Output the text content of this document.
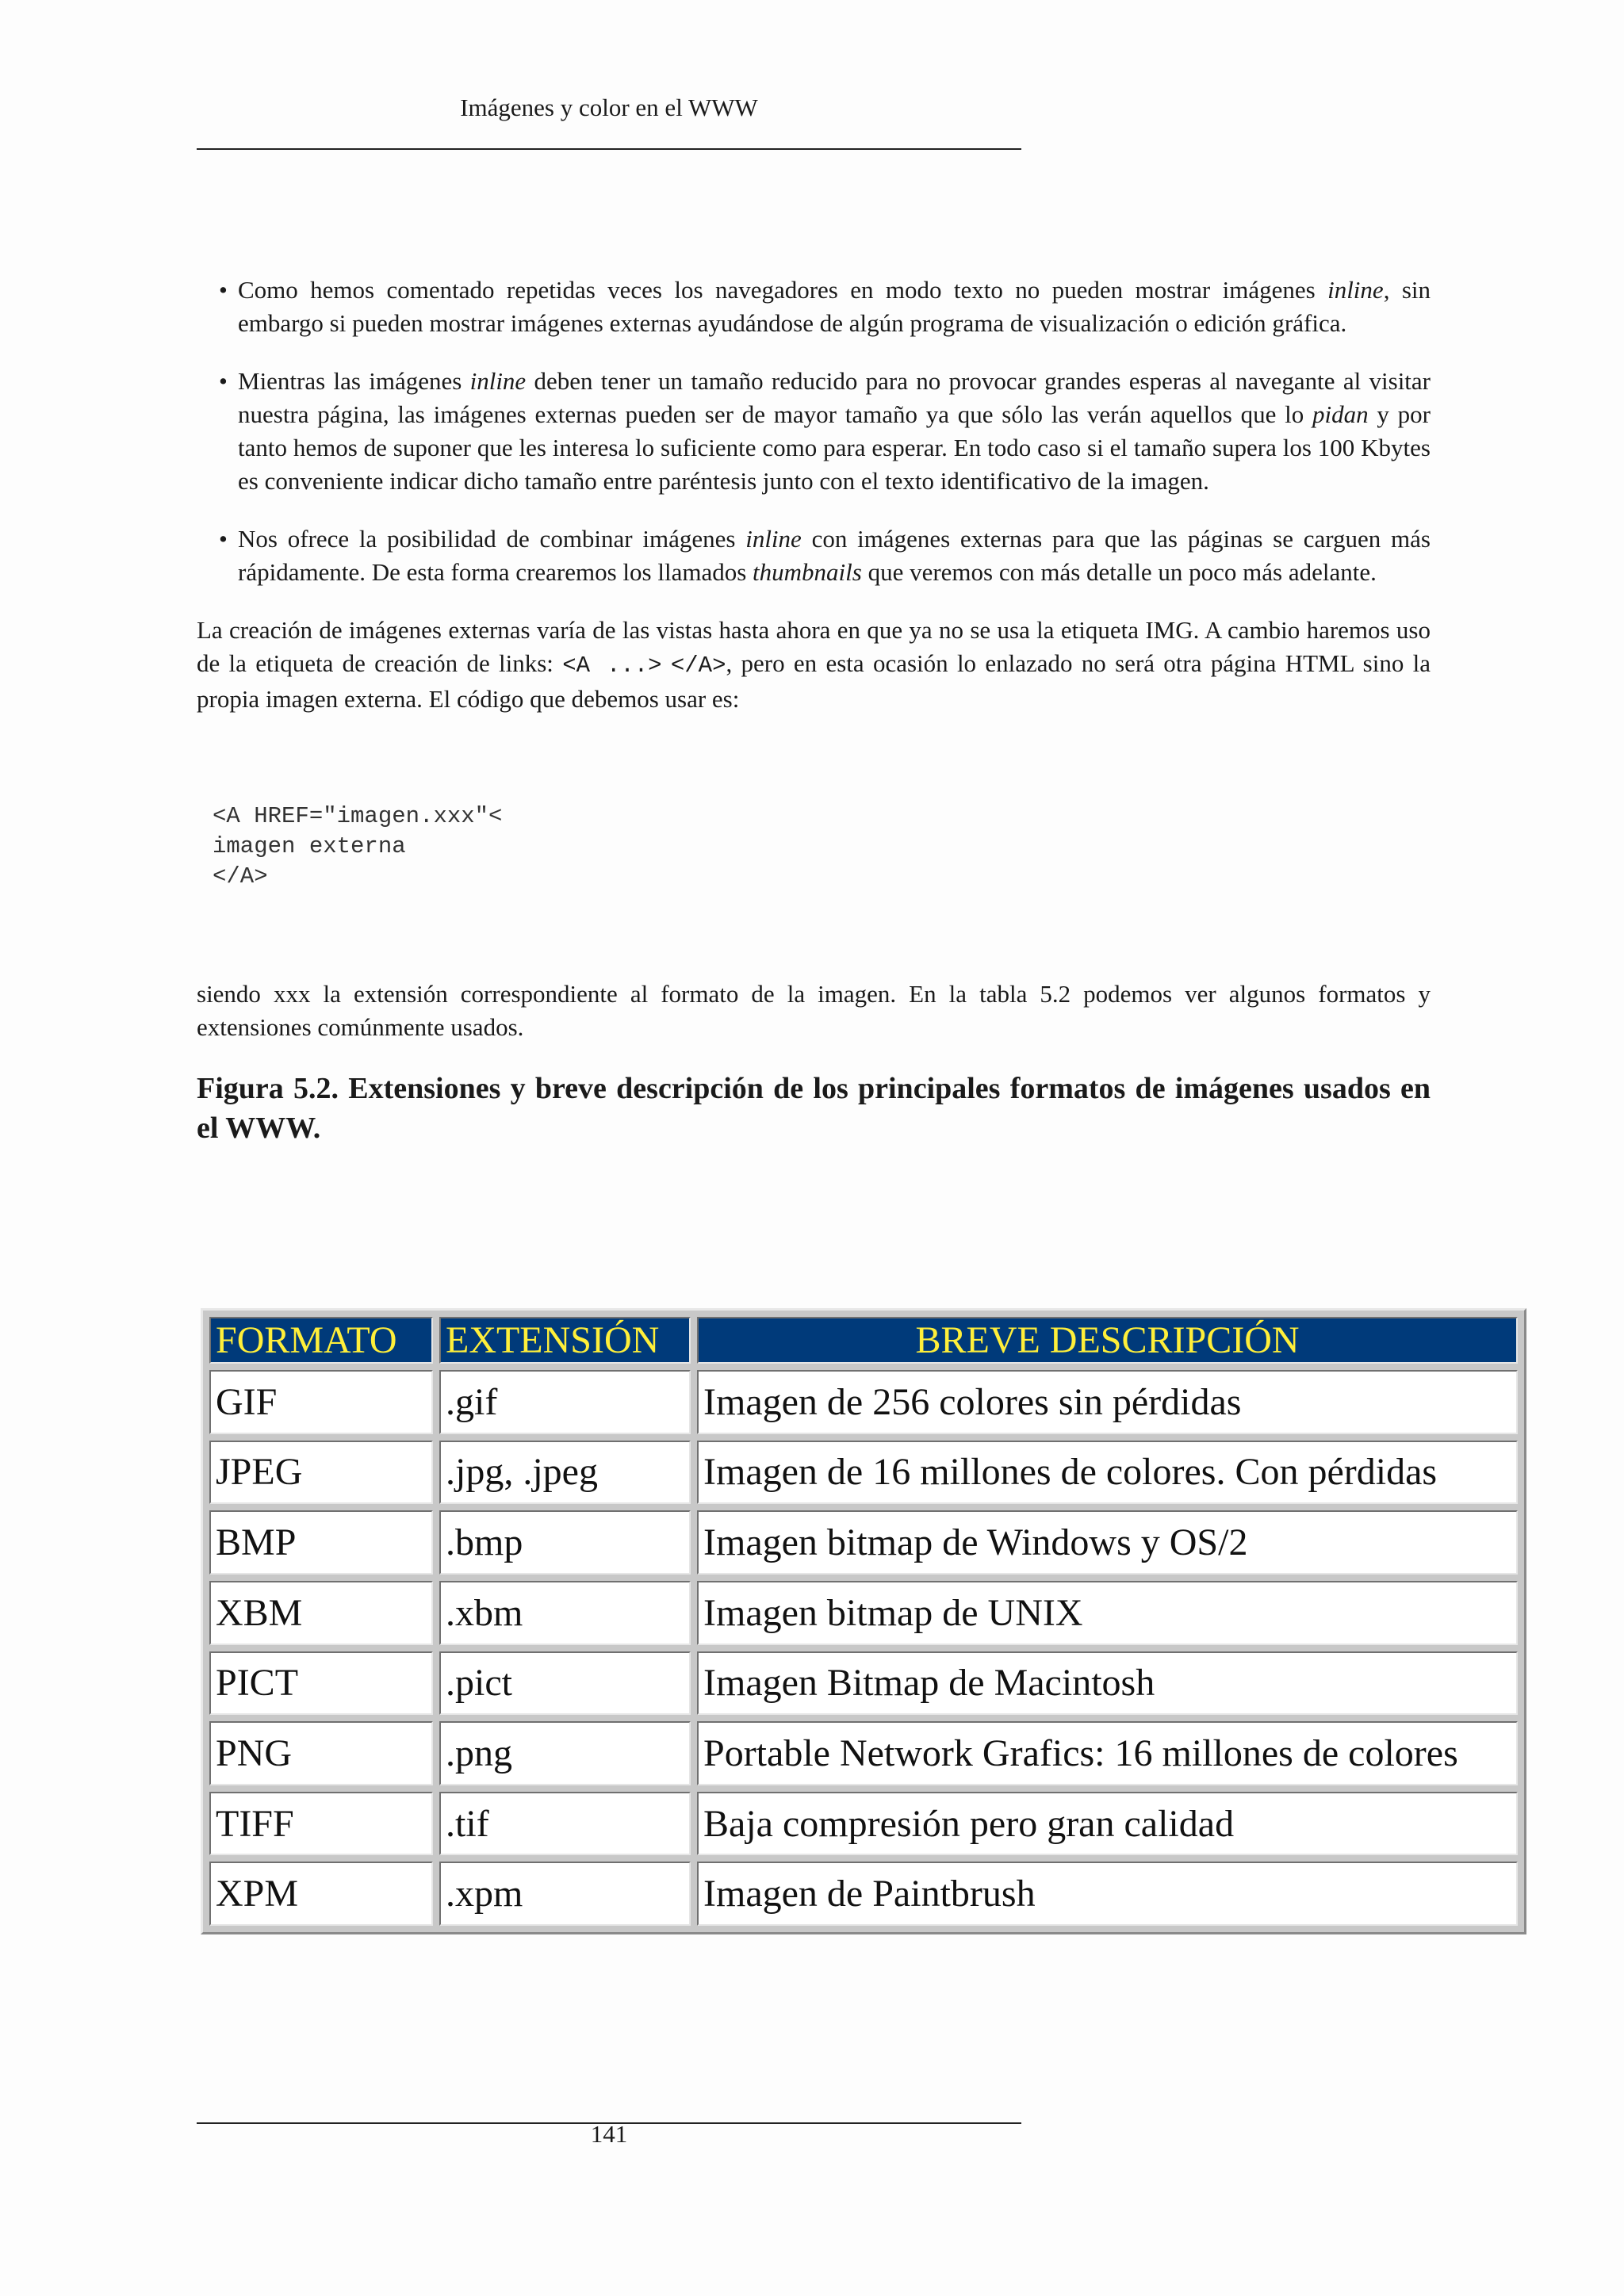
Imágenes y color en el WWW
• Como hemos comentado repetidas veces los navegadores en modo texto no pueden mostrar imágenes inline, sin embargo si pueden mostrar imágenes externas ayudándose de algún programa de visualización o edición gráfica.
• Mientras las imágenes inline deben tener un tamaño reducido para no provocar grandes esperas al navegante al visitar nuestra página, las imágenes externas pueden ser de mayor tamaño ya que sólo las verán aquellos que lo pidan y por tanto hemos de suponer que les interesa lo suficiente como para esperar. En todo caso si el tamaño supera los 100 Kbytes es conveniente indicar dicho tamaño entre paréntesis junto con el texto identificativo de la imagen.
• Nos ofrece la posibilidad de combinar imágenes inline con imágenes externas para que las páginas se carguen más rápidamente. De esta forma crearemos los llamados thumbnails que veremos con más detalle un poco más adelante.

La creación de imágenes externas varía de las vistas hasta ahora en que ya no se usa la etiqueta IMG. A cambio haremos uso de la etiqueta de creación de links: <A ...> </A>, pero en esta ocasión lo enlazado no será otra página HTML sino la propia imagen externa. El código que debemos usar es:

<A HREF="imagen.xxx"<
imagen externa
</A>

siendo xxx la extensión correspondiente al formato de la imagen. En la tabla 5.2 podemos ver algunos formatos y extensiones comúnmente usados.

Figura 5.2. Extensiones y breve descripción de los principales formatos de imágenes usados en el WWW.

FORMATO	EXTENSIÓN	BREVE DESCRIPCIÓN
GIF	.gif	Imagen de 256 colores sin pérdidas
JPEG	.jpg, .jpeg	Imagen de 16 millones de colores. Con pérdidas
BMP	.bmp	Imagen bitmap de Windows y OS/2
XBM	.xbm	Imagen bitmap de UNIX
PICT	.pict	Imagen Bitmap de Macintosh
PNG	.png	Portable Network Grafics: 16 millones de colores
TIFF	.tif	Baja compresión pero gran calidad
XPM	.xpm	Imagen de Paintbrush
141
